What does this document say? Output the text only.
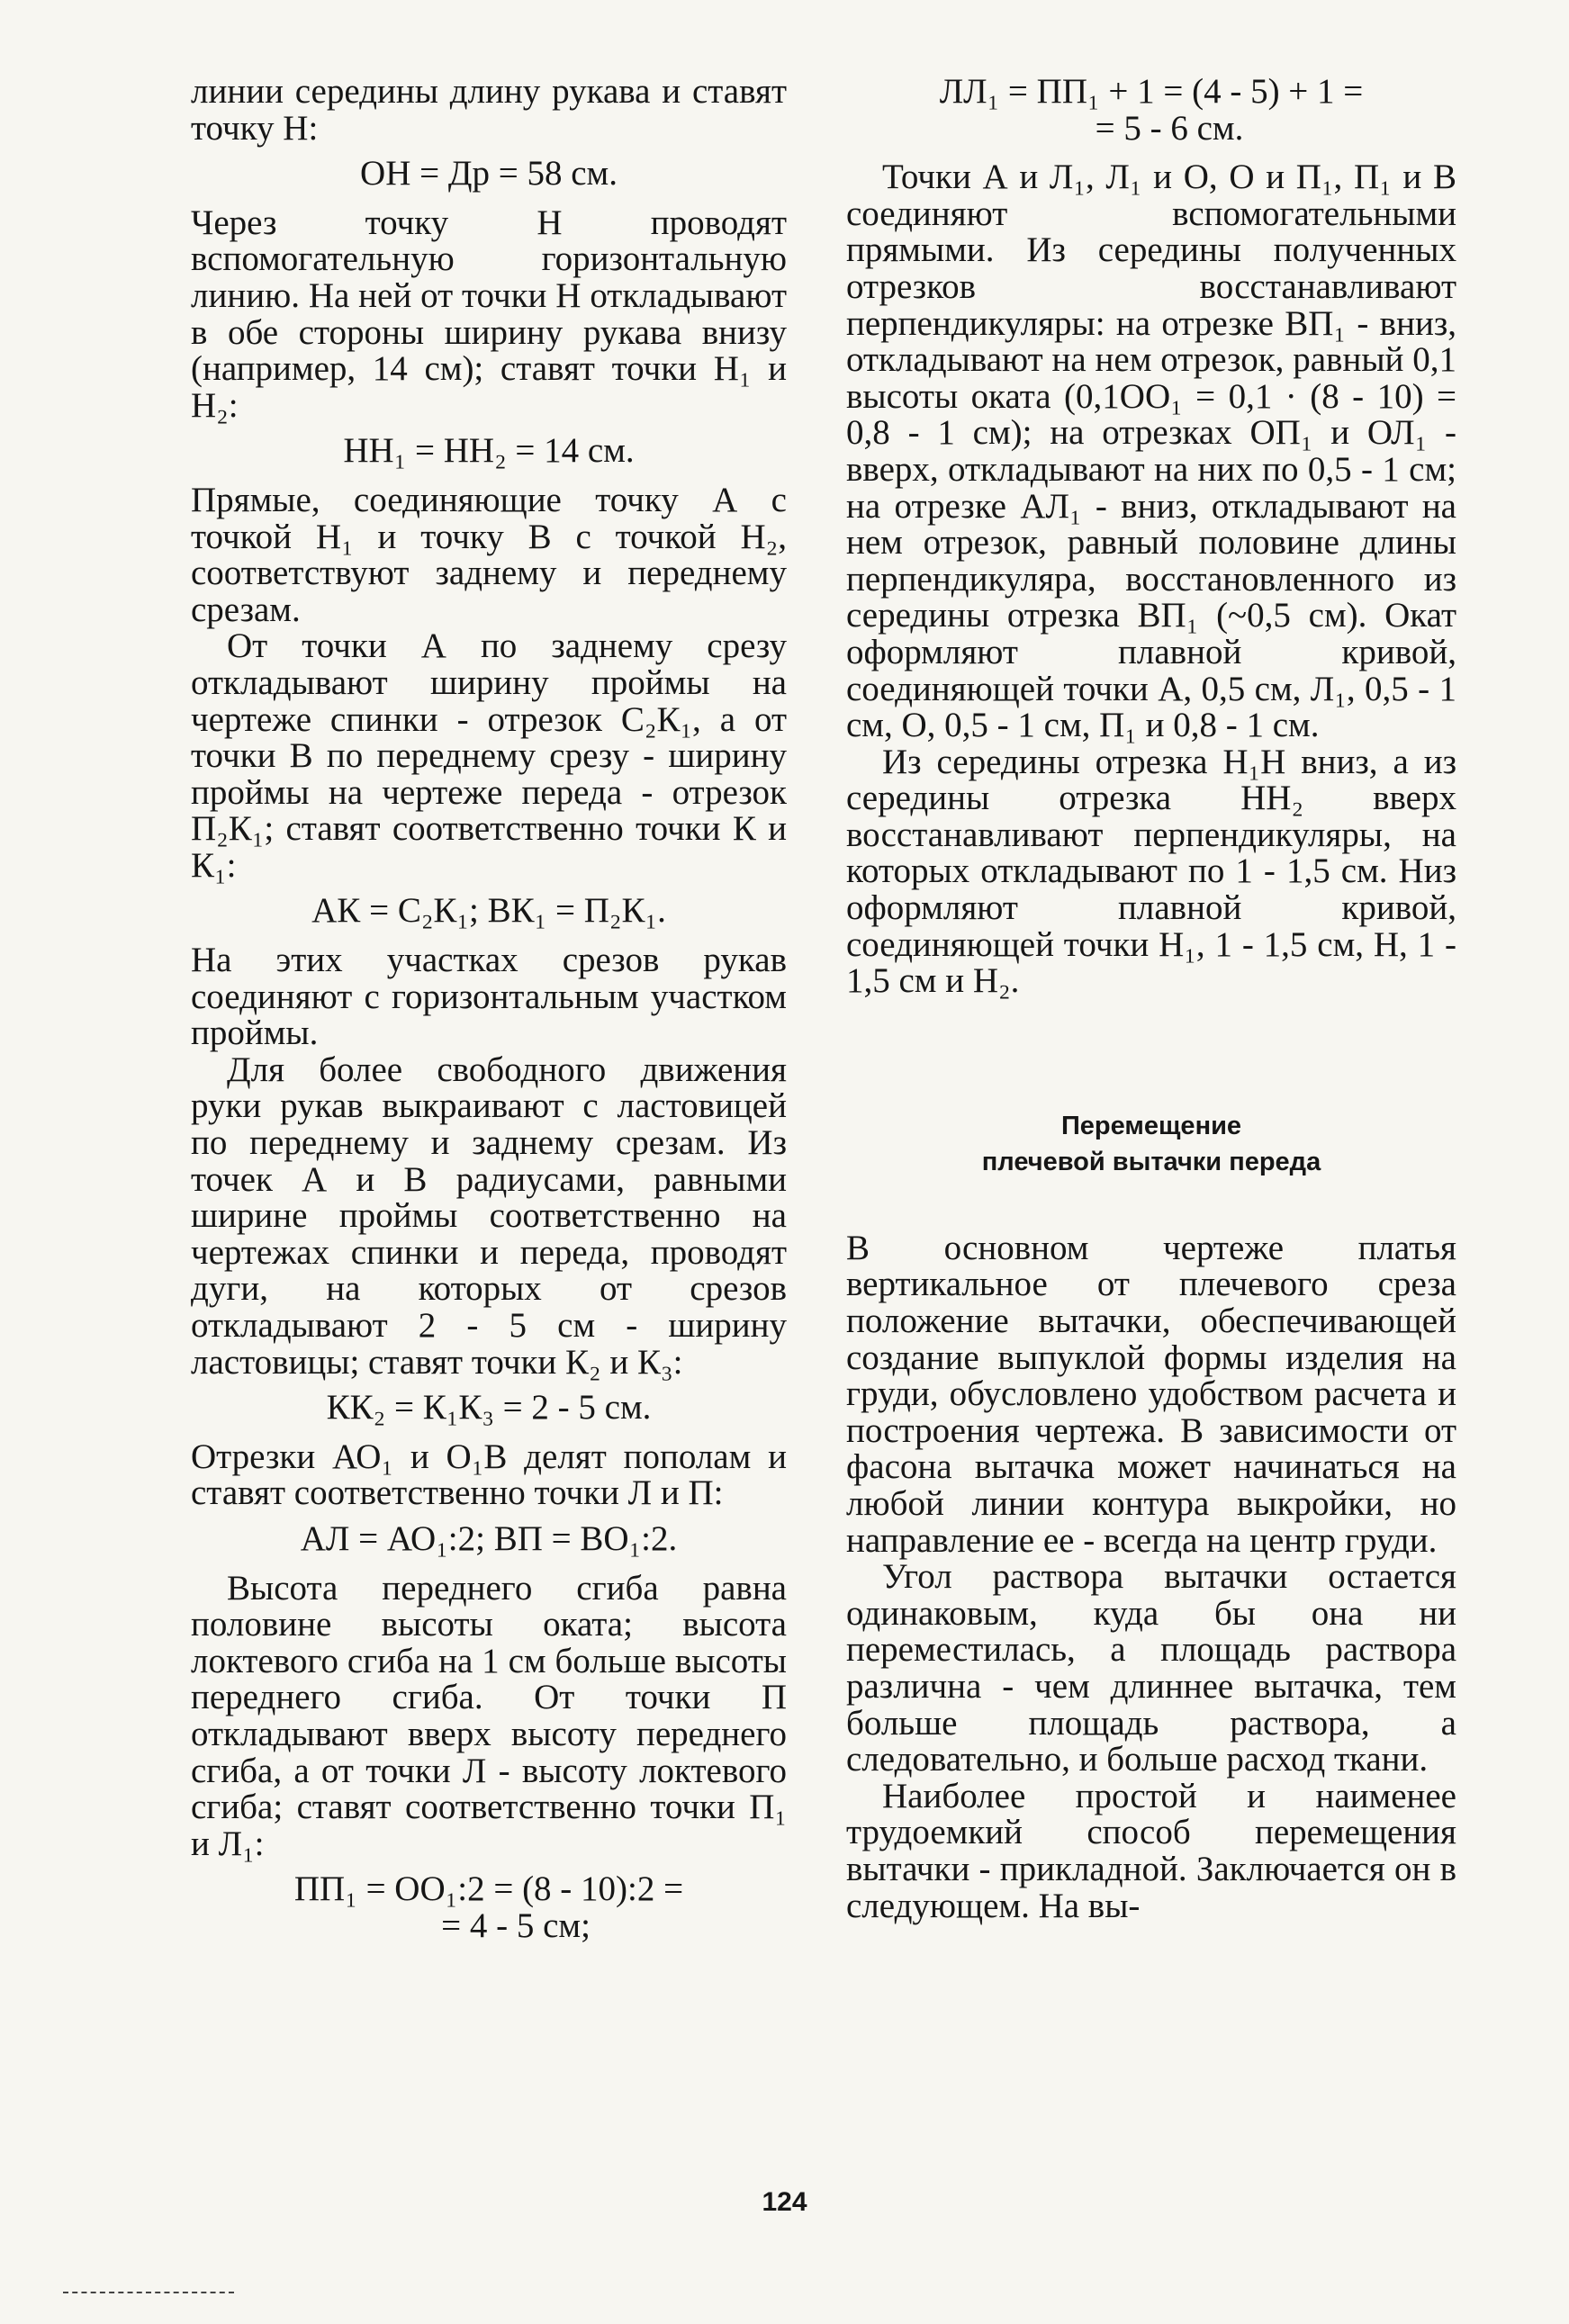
линии середины длину рукава и ставят точку Н:

ОН = Др = 58 см.

Через точку Н проводят вспомогательную горизонтальную линию. На ней от точки Н откладывают в обе стороны ширину рукава внизу (например, 14 см); ставят точки Н₁ и Н₂:

НН₁ = НН₂ = 14 см.

Прямые, соединяющие точку А с точкой Н₁ и точку В с точкой Н₂, соответствуют заднему и переднему срезам.

От точки А по заднему срезу откладывают ширину проймы на чертеже спинки - отрезок С₂К₁, а от точки В по переднему срезу - ширину проймы на чертеже переда - отрезок П₂К₁; ставят соответственно точки К и К₁:

АК = С₂К₁; ВК₁ = П₂К₁.

На этих участках срезов рукав соединяют с горизонтальным участком проймы.

Для более свободного движения руки рукав выкраивают с ластовицей по переднему и заднему срезам. Из точек А и В радиусами, равными ширине проймы соответственно на чертежах спинки и переда, проводят дуги, на которых от срезов откладывают 2 - 5 см - ширину ластовицы; ставят точки К₂ и К₃:

КК₂ = К₁К₃ = 2 - 5 см.

Отрезки АО₁ и О₁В делят пополам и ставят соответственно точки Л и П:

АЛ = АО₁:2; ВП = ВО₁:2.

Высота переднего сгиба равна половине высоты оката; высота локтевого сгиба на 1 см больше высоты переднего сгиба. От точки П откладывают вверх высоту переднего сгиба, а от точки Л - высоту локтевого сгиба; ставят соответственно точки П₁ и Л₁:

ПП₁ = ОО₁:2 = (8 - 10):2 =
= 4 - 5 см;
ЛЛ₁ = ПП₁ + 1 = (4 - 5) + 1 =
= 5 - 6 см.

Точки А и Л₁, Л₁ и О, О и П₁, П₁ и В соединяют вспомогательными прямыми. Из середины полученных отрезков восстанавливают перпендикуляры: на отрезке ВП₁ - вниз, откладывают на нем отрезок, равный 0,1 высоты оката (0,1ОО₁ = 0,1 · (8 - 10) = 0,8 - 1 см); на отрезках ОП₁ и ОЛ₁ - вверх, откладывают на них по 0,5 - 1 см; на отрезке АЛ₁ - вниз, откладывают на нем отрезок, равный половине длины перпендикуляра, восстановленного из середины отрезка ВП₁ (~0,5 см). Окат оформляют плавной кривой, соединяющей точки А, 0,5 см, Л₁, 0,5 - 1 см, О, 0,5 - 1 см, П₁ и 0,8 - 1 см.

Из середины отрезка Н₁Н вниз, а из середины отрезка НН₂ вверх восстанавливают перпендикуляры, на которых откладывают по 1 - 1,5 см. Низ оформляют плавной кривой, соединяющей точки Н₁, 1 - 1,5 см, Н, 1 - 1,5 см и Н₂.

Перемещение
плечевой вытачки переда

В основном чертеже платья вертикальное от плечевого среза положение вытачки, обеспечивающей создание выпуклой формы изделия на груди, обусловлено удобством расчета и построения чертежа. В зависимости от фасона вытачка может начинаться на любой линии контура выкройки, но направление ее - всегда на центр груди.

Угол раствора вытачки остается одинаковым, куда бы она ни переместилась, а площадь раствора различна - чем длиннее вытачка, тем больше площадь раствора, а следовательно, и больше расход ткани.

Наиболее простой и наименее трудоемкий способ перемещения вытачки - прикладной. Заключается он в следующем. На вы-

124
